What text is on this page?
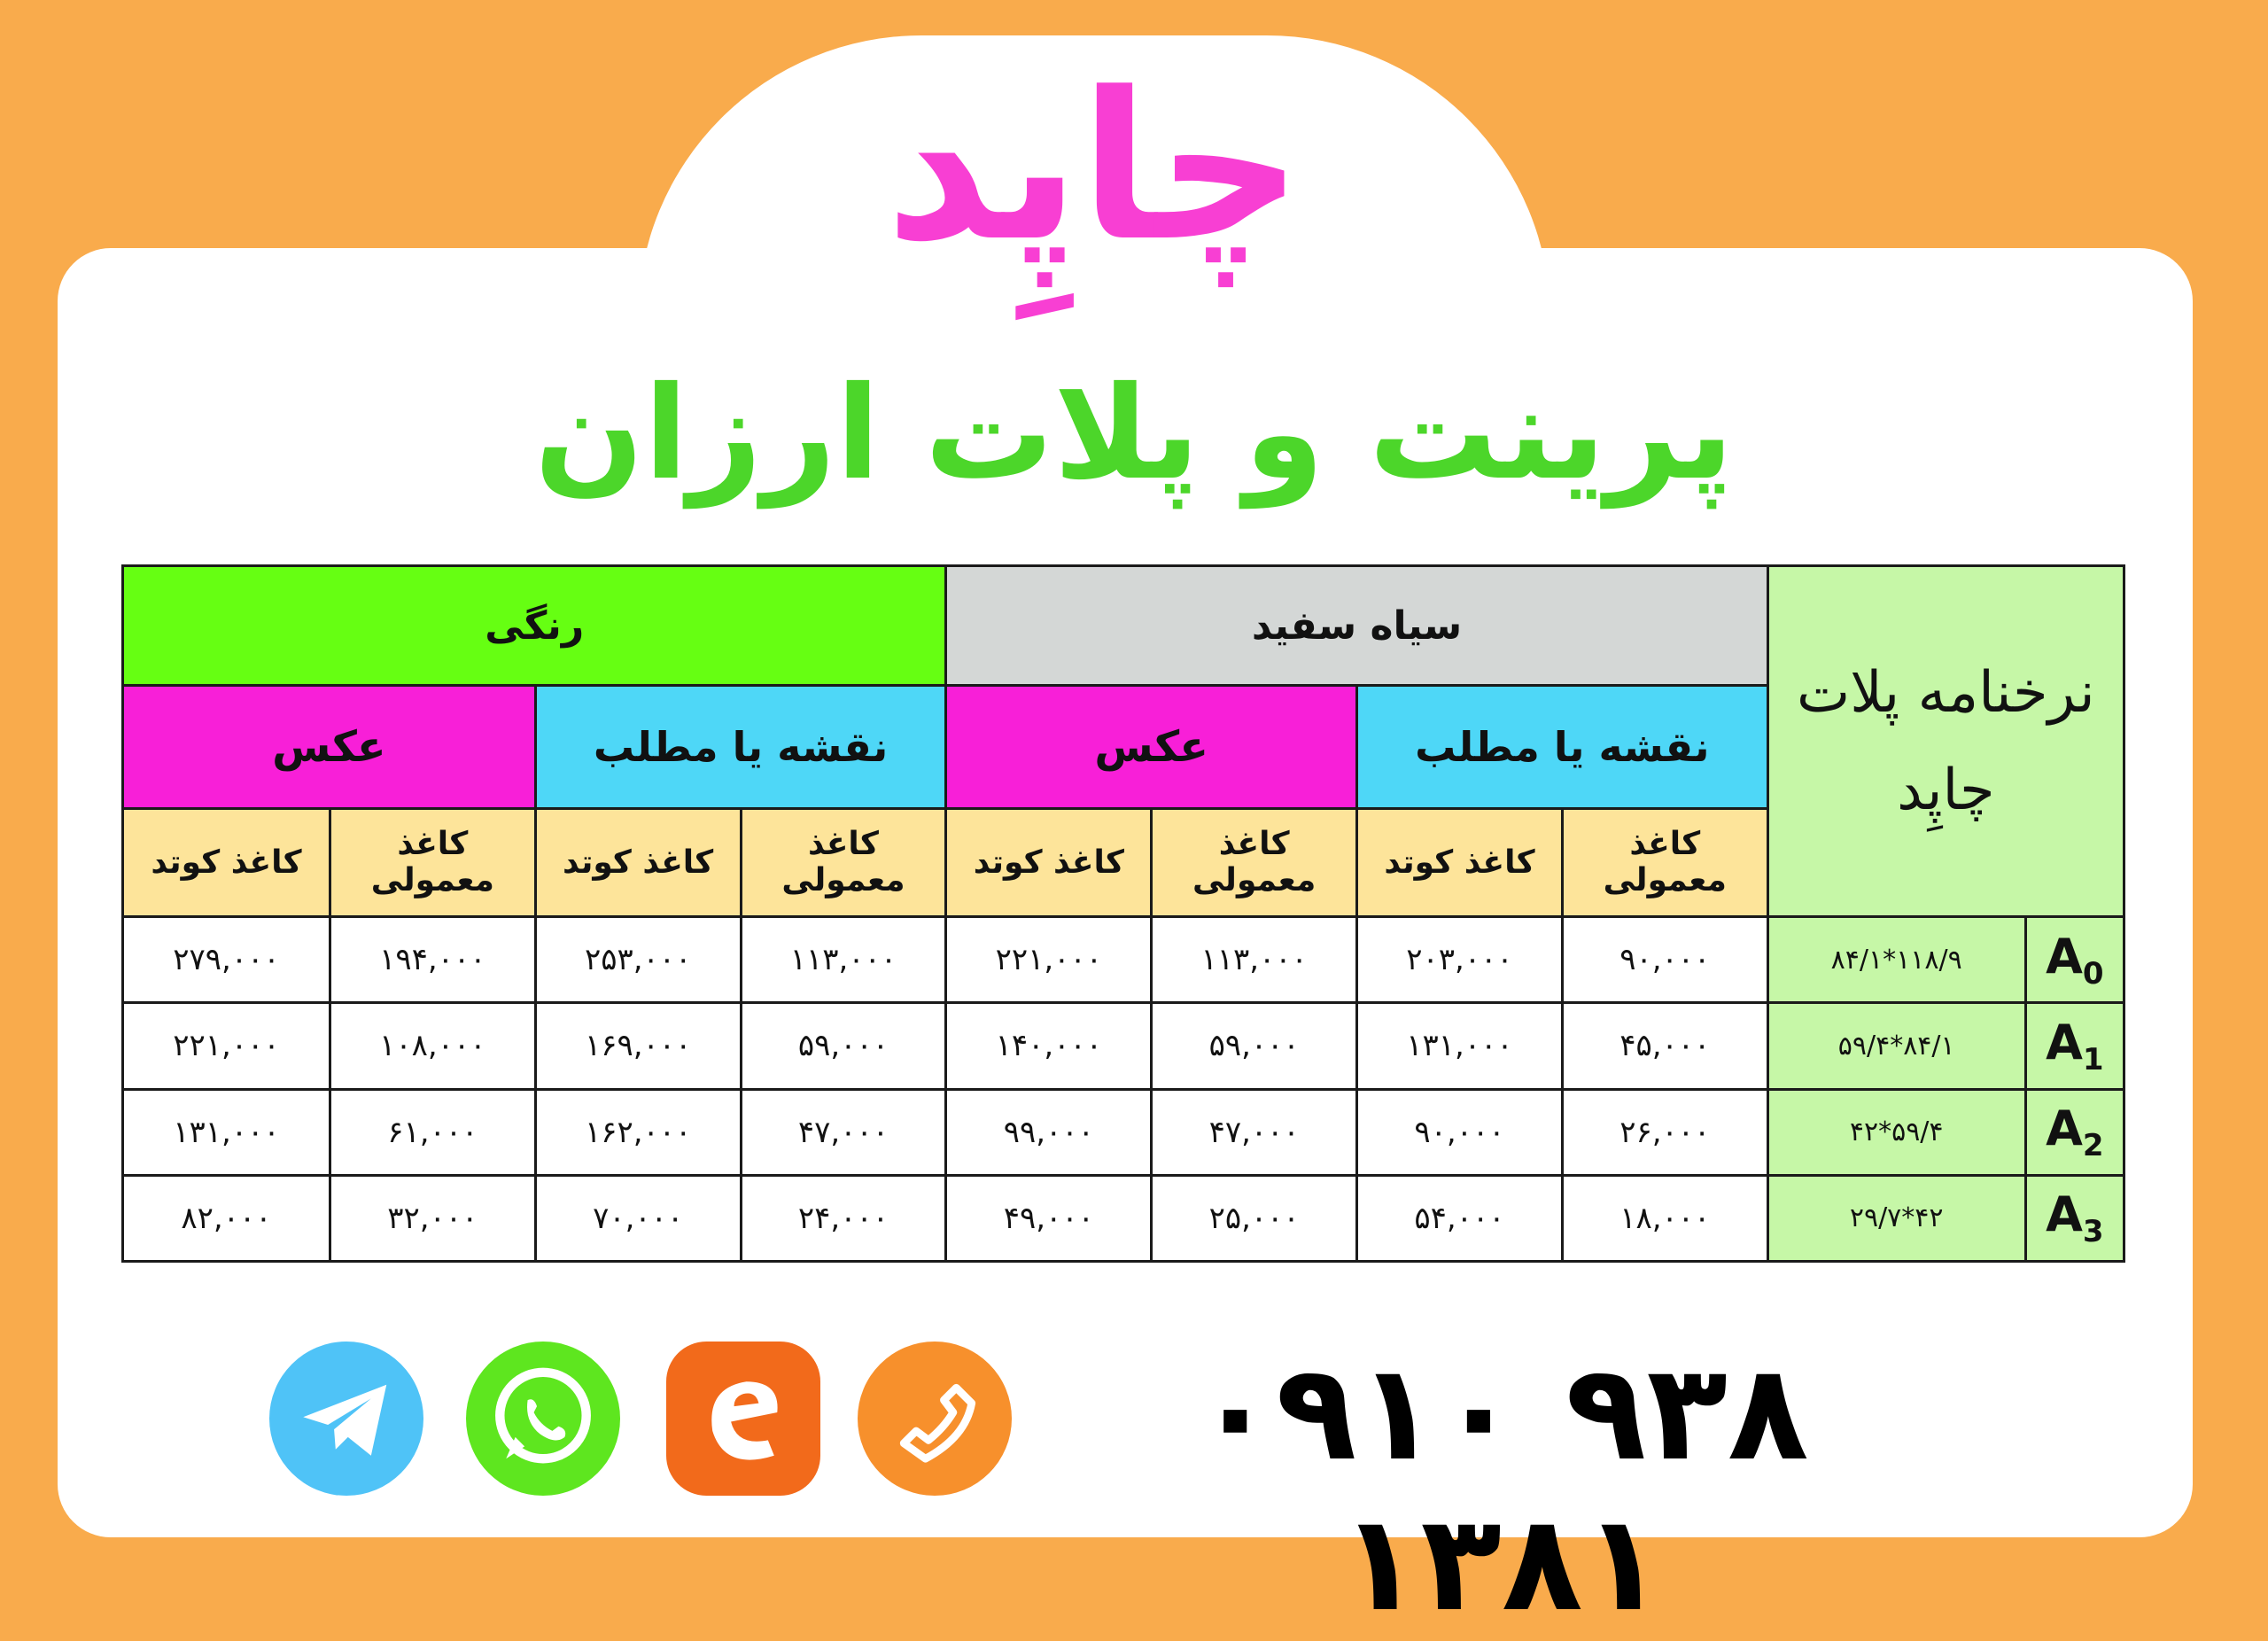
چاپِد
پرینت و پلات ارزان
نرخنامه پلات چاپِد		سیاه سفید				رنگی			
		نقشه یا مطلب		عکس		نقشه یا مطلب		عکس	
		کاغذ معمولی	کاغذ کوتد	کاغذ معمولی	کاغذ کوتد	کاغذ معمولی	کاغذ کوتد	کاغذ معمولی	کاغذ کوتد
$A_0$	۱۱۸/۹*۸۴/۱	۹۰,۰۰۰	۲۰۳,۰۰۰	۱۱۳,۰۰۰	۲۲۱,۰۰۰	۱۱۳,۰۰۰	۲۵۳,۰۰۰	۱۹۴,۰۰۰	۲۷۹,۰۰۰
$A_1$	۸۴/۱*۵۹/۴	۴۵,۰۰۰	۱۳۱,۰۰۰	۵۹,۰۰۰	۱۴۰,۰۰۰	۵۹,۰۰۰	۱۶۹,۰۰۰	۱۰۸,۰۰۰	۲۲۱,۰۰۰
$A_2$	۵۹/۴*۴۲	۲۶,۰۰۰	۹۰,۰۰۰	۴۷,۰۰۰	۹۹,۰۰۰	۴۷,۰۰۰	۱۶۲,۰۰۰	۶۱,۰۰۰	۱۳۱,۰۰۰
$A_3$	۴۲*۲۹/۷	۱۸,۰۰۰	۵۴,۰۰۰	۲۵,۰۰۰	۴۹,۰۰۰	۲۴,۰۰۰	۷۰,۰۰۰	۳۲,۰۰۰	۸۲,۰۰۰
۰۹۱۰ ۹۳۸ ۱۳۸۱
